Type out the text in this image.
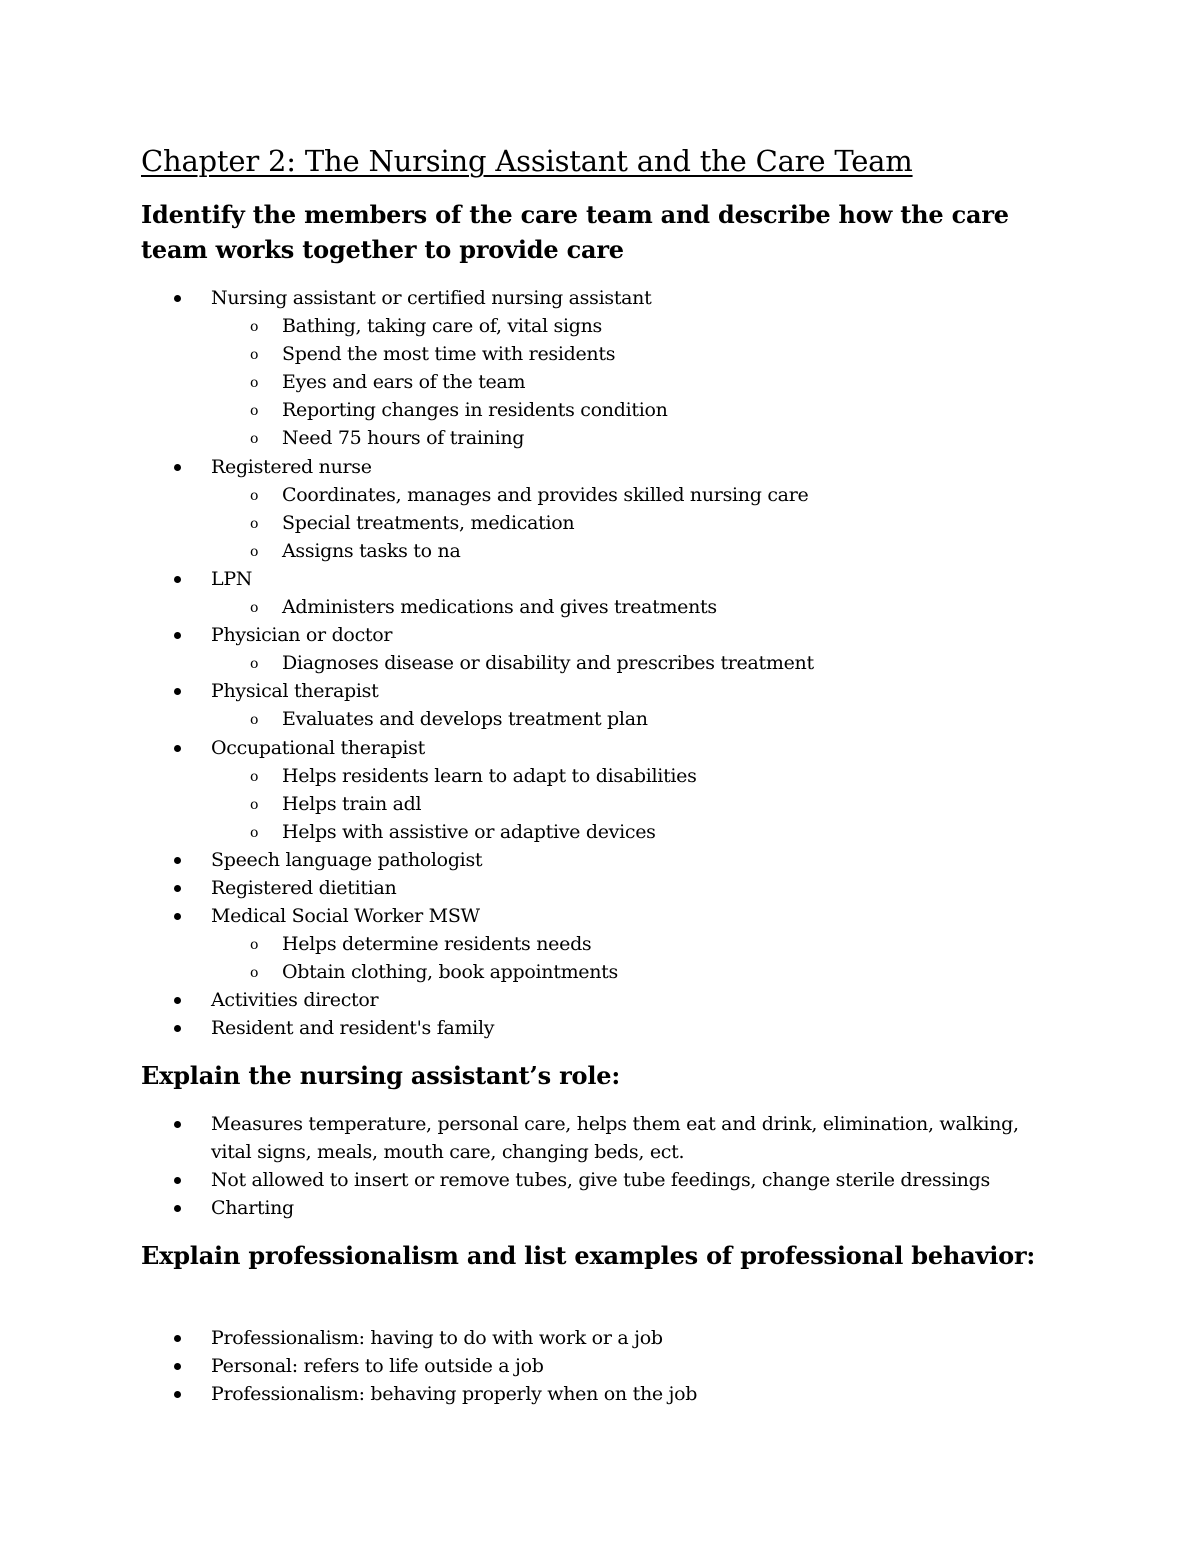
Chapter 2: The Nursing Assistant and the Care Team
Identify the members of the care team and describe how the care team works together to provide care
Nursing assistant or certified nursing assistant
o Bathing, taking care of, vital signs
o Spend the most time with residents
o Eyes and ears of the team
o Reporting changes in residents condition
o Need 75 hours of training
Registered nurse
o Coordinates, manages and provides skilled nursing care
o Special treatments, medication
o Assigns tasks to na
LPN
o Administers medications and gives treatments
Physician or doctor
o Diagnoses disease or disability and prescribes treatment
Physical therapist
o Evaluates and develops treatment plan
Occupational therapist
o Helps residents learn to adapt to disabilities
o Helps train adl
o Helps with assistive or adaptive devices
Speech language pathologist
Registered dietitian
Medical Social Worker MSW
o Helps determine residents needs
o Obtain clothing, book appointments
Activities director
Resident and resident's family
Explain the nursing assistant’s role:
Measures temperature, personal care, helps them eat and drink, elimination, walking, vital signs, meals, mouth care, changing beds, ect.
Not allowed to insert or remove tubes, give tube feedings, change sterile dressings
Charting
Explain professionalism and list examples of professional behavior:
Professionalism: having to do with work or a job
Personal: refers to life outside a job
Professionalism: behaving properly when on the job
